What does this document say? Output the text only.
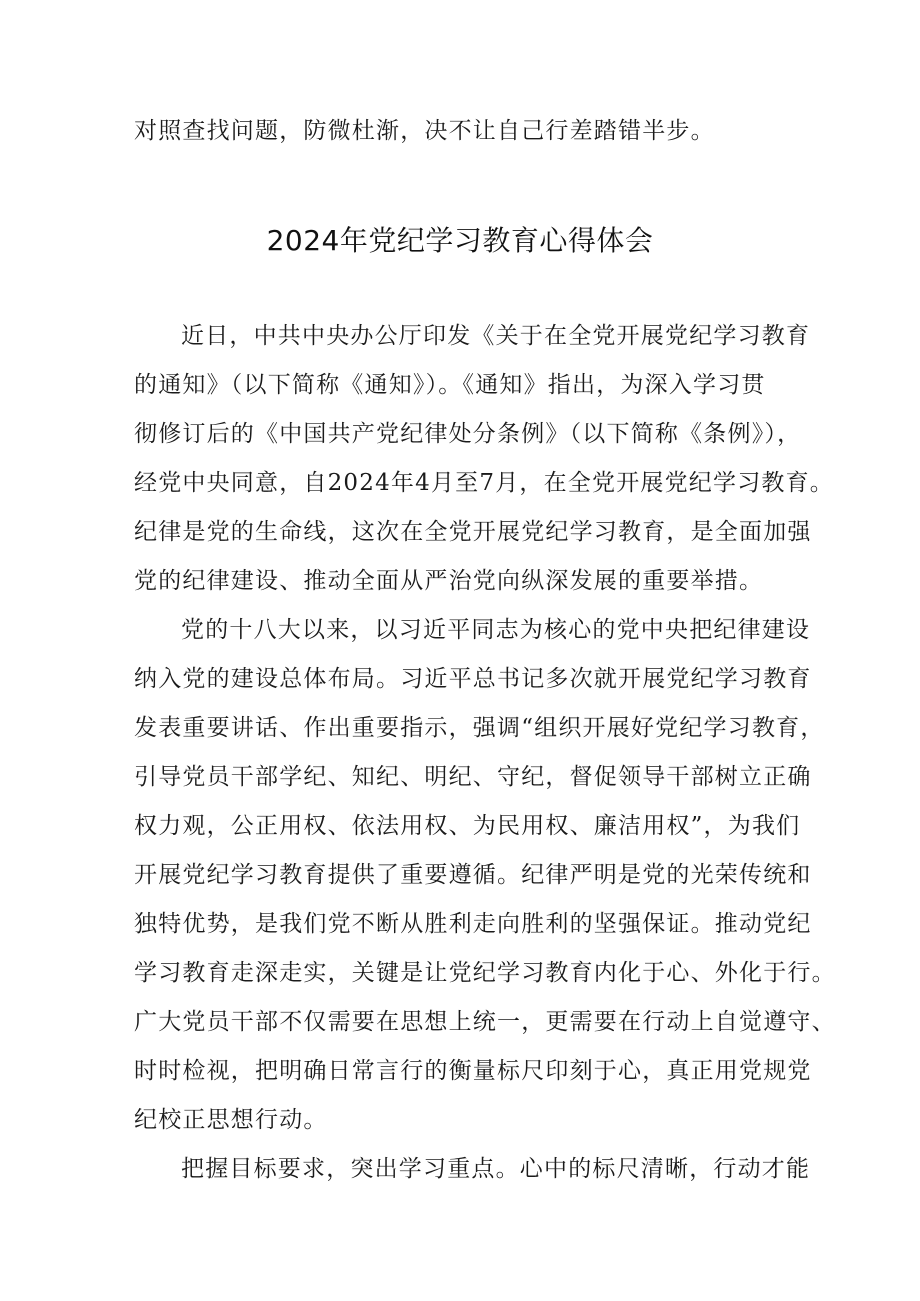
对照查找问题，防微杜渐，决不让自己行差踏错半步。
2024年党纪学习教育心得体会
近日，中共中央办公厅印发《关于在全党开展党纪学习教育
的通知》（以下简称《通知》）。《通知》指出，为深入学习贯
彻修订后的《中国共产党纪律处分条例》（以下简称《条例》），
经党中央同意，自2024年4月至7月，在全党开展党纪学习教育。
纪律是党的生命线，这次在全党开展党纪学习教育，是全面加强
党的纪律建设、推动全面从严治党向纵深发展的重要举措。
党的十八大以来，以习近平同志为核心的党中央把纪律建设
纳入党的建设总体布局。习近平总书记多次就开展党纪学习教育
发表重要讲话、作出重要指示，强调“组织开展好党纪学习教育，
引导党员干部学纪、知纪、明纪、守纪，督促领导干部树立正确
权力观，公正用权、依法用权、为民用权、廉洁用权”，为我们
开展党纪学习教育提供了重要遵循。纪律严明是党的光荣传统和
独特优势，是我们党不断从胜利走向胜利的坚强保证。推动党纪
学习教育走深走实，关键是让党纪学习教育内化于心、外化于行。
广大党员干部不仅需要在思想上统一，更需要在行动上自觉遵守、
时时检视，把明确日常言行的衡量标尺印刻于心，真正用党规党
纪校正思想行动。
把握目标要求，突出学习重点。心中的标尺清晰，行动才能
